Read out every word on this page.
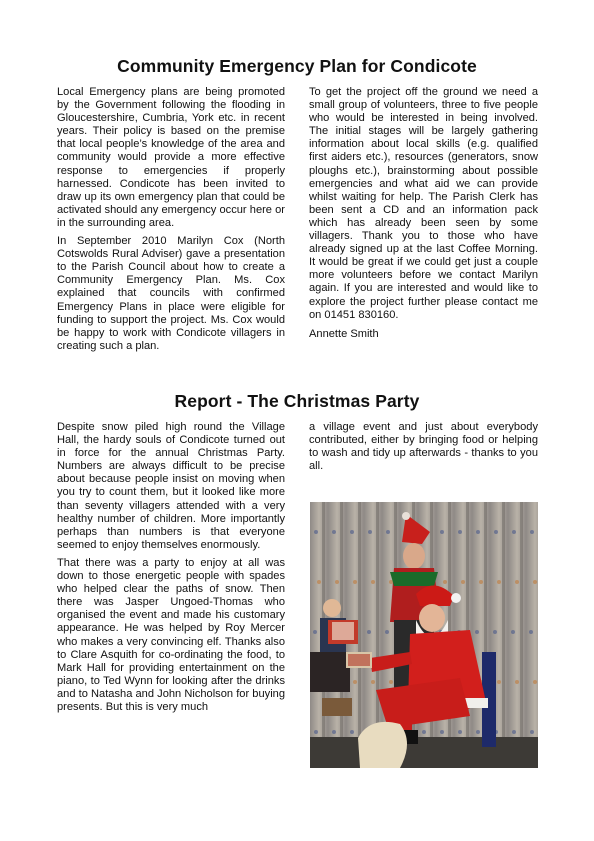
Community Emergency Plan for Condicote

Local Emergency plans are being promoted by the Government following the flooding in Gloucestershire, Cumbria, York etc. in recent years. Their policy is based on the premise that local people’s knowledge of the area and community would provide a more effective response to emergencies if properly harnessed. Condicote has been invited to draw up its own emergency plan that could be activated should any emergency occur here or in the surrounding area.

In September 2010 Marilyn Cox (North Cotswolds Rural Adviser) gave a presentation to the Parish Council about how to create a Community Emergency Plan. Ms. Cox explained that councils with confirmed Emergency Plans in place were eligible for funding to support the project. Ms. Cox would be happy to work with Condicote villagers in creating such a plan.

To get the project off the ground we need a small group of volunteers, three to five people who would be interested in being involved. The initial stages will be largely gathering information about local skills (e.g. qualified first aiders etc.), resources (generators, snow ploughs etc.), brainstorming about possible emergencies and what aid we can provide whilst waiting for help. The Parish Clerk has been sent a CD and an information pack which has already been seen by some villagers. Thank you to those who have already signed up at the last Coffee Morning. It would be great if we could get just a couple more volunteers before we contact Marilyn again. If you are interested and would like to explore the project further please contact me on 01451 830160.

Annette Smith

Report - The Christmas Party

Despite snow piled high round the Village Hall, the hardy souls of Condicote turned out in force for the annual Christmas Party. Numbers are always difficult to be precise about because people insist on moving when you try to count them, but it looked like more than seventy villagers attended with a very healthy number of children. More importantly perhaps than numbers is that everyone seemed to enjoy themselves enormously.

That there was a party to enjoy at all was down to those energetic people with spades who helped clear the paths of snow. Then there was Jasper Ungoed-Thomas who organised the event and made his customary appearance. He was helped by Roy Mercer who makes a very convincing elf. Thanks also to Clare Asquith for co-ordinating the food, to Mark Hall for providing entertainment on the piano, to Ted Wynn for looking after the drinks and to Natasha and John Nicholson for buying presents. But this is very much

a village event and just about everybody contributed, either by bringing food or helping to wash and tidy up afterwards - thanks to you all.
